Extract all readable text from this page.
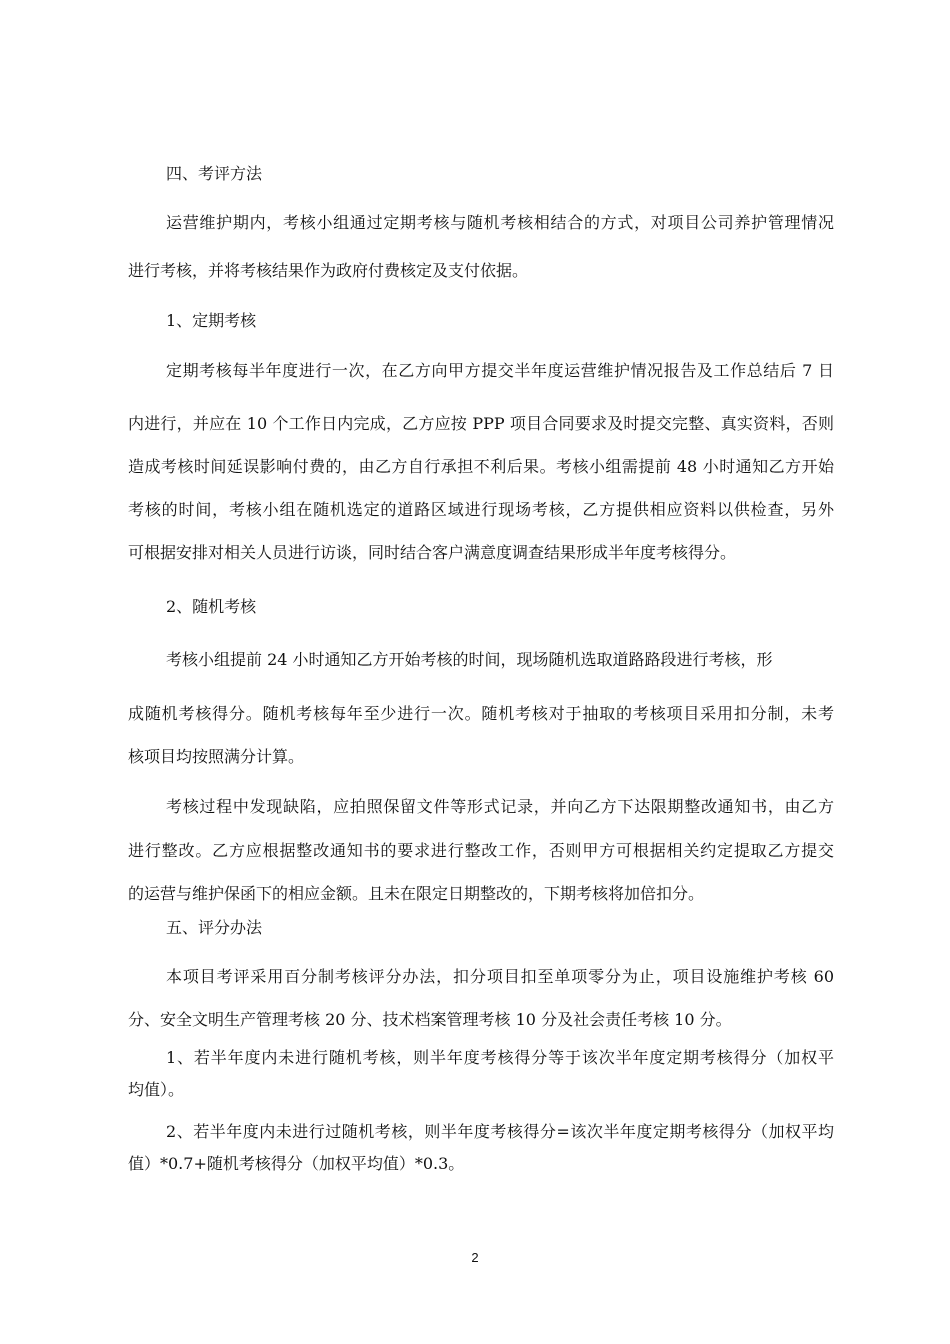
四、考评方法

运营维护期内，考核小组通过定期考核与随机考核相结合的方式，对项目公司养护管理情况

进行考核，并将考核结果作为政府付费核定及支付依据。

1、定期考核

定期考核每半年度进行一次，在乙方向甲方提交半年度运营维护情况报告及工作总结后 7 日

内进行，并应在 10 个工作日内完成，乙方应按 PPP 项目合同要求及时提交完整、真实资料，否则

造成考核时间延误影响付费的，由乙方自行承担不利后果。考核小组需提前 48 小时通知乙方开始

考核的时间，考核小组在随机选定的道路区域进行现场考核，乙方提供相应资料以供检查，另外

可根据安排对相关人员进行访谈，同时结合客户满意度调查结果形成半年度考核得分。

2、随机考核

考核小组提前 24 小时通知乙方开始考核的时间，现场随机选取道路路段进行考核，形

成随机考核得分。随机考核每年至少进行一次。随机考核对于抽取的考核项目采用扣分制，未考

核项目均按照满分计算。

考核过程中发现缺陷，应拍照保留文件等形式记录，并向乙方下达限期整改通知书，由乙方

进行整改。乙方应根据整改通知书的要求进行整改工作，否则甲方可根据相关约定提取乙方提交

的运营与维护保函下的相应金额。且未在限定日期整改的，下期考核将加倍扣分。

五、评分办法

本项目考评采用百分制考核评分办法，扣分项目扣至单项零分为止，项目设施维护考核 60

分、安全文明生产管理考核 20 分、技术档案管理考核 10 分及社会责任考核 10 分。

1、若半年度内未进行随机考核，则半年度考核得分等于该次半年度定期考核得分（加权平

均值）。

2、若半年度内未进行过随机考核，则半年度考核得分=该次半年度定期考核得分（加权平均

值）*0.7+随机考核得分（加权平均值）*0.3。

2
